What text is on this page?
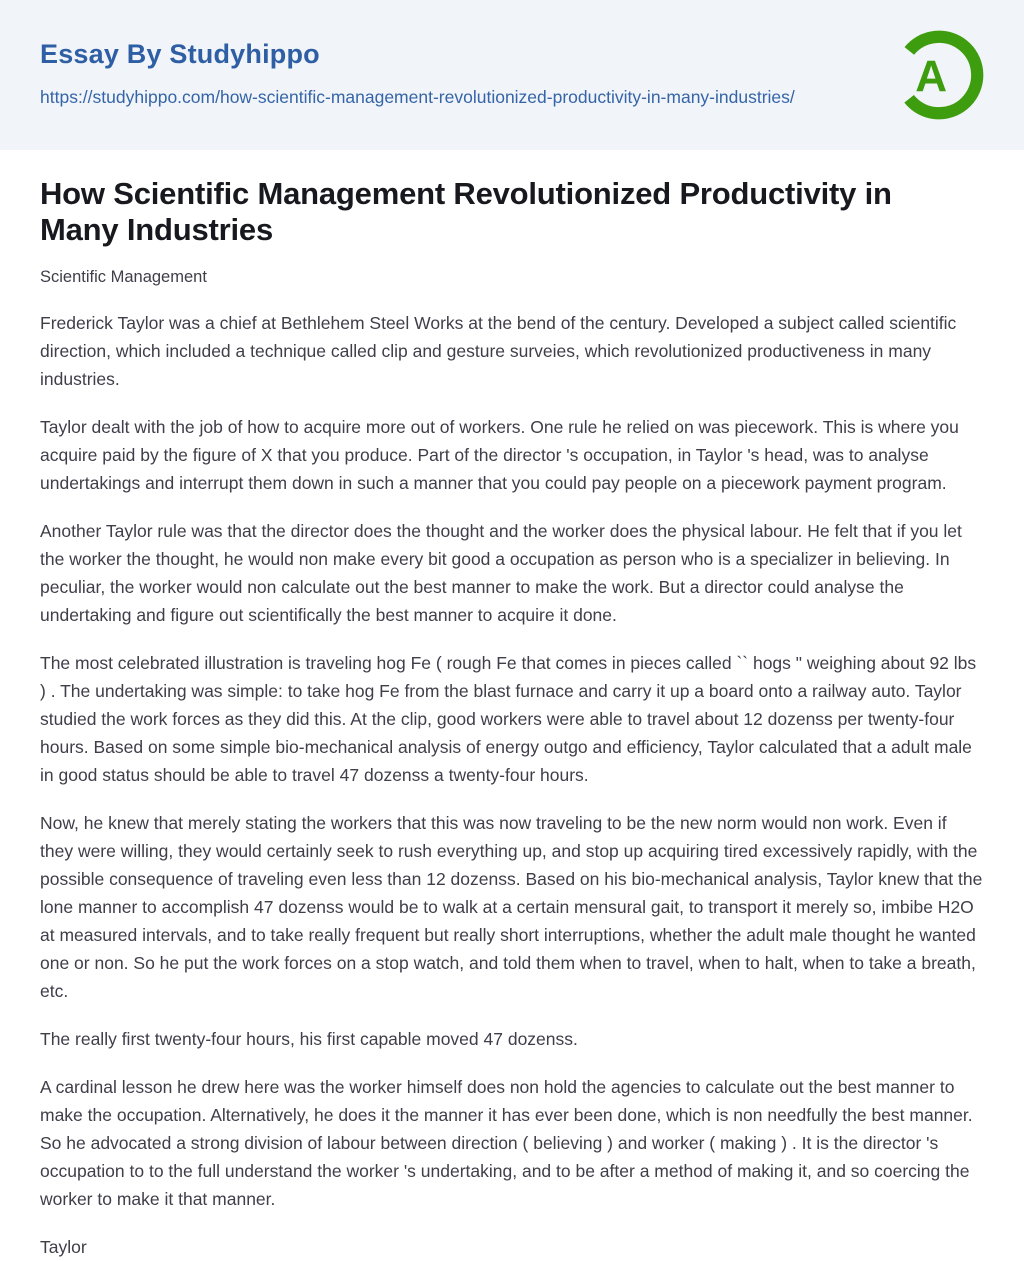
Essay By Studyhippo
https://studyhippo.com/how-scientific-management-revolutionized-productivity-in-many-industries/	A
How Scientific Management Revolutionized Productivity in Many Industries
Scientific Management

Frederick Taylor was a chief at Bethlehem Steel Works at the bend of the century. Developed a subject called scientific direction, which included a technique called clip and gesture surveies, which revolutionized productiveness in many industries.

Taylor dealt with the job of how to acquire more out of workers. One rule he relied on was piecework. This is where you acquire paid by the figure of X that you produce. Part of the director 's occupation, in Taylor 's head, was to analyse undertakings and interrupt them down in such a manner that you could pay people on a piecework payment program.

Another Taylor rule was that the director does the thought and the worker does the physical labour. He felt that if you let the worker the thought, he would non make every bit good a occupation as person who is a specializer in believing. In peculiar, the worker would non calculate out the best manner to make the work. But a director could analyse the undertaking and figure out scientifically the best manner to acquire it done.

The most celebrated illustration is traveling hog Fe ( rough Fe that comes in pieces called `` hogs " weighing about 92 lbs ) . The undertaking was simple: to take hog Fe from the blast furnace and carry it up a board onto a railway auto. Taylor studied the work forces as they did this. At the clip, good workers were able to travel about 12 dozenss per twenty-four hours. Based on some simple bio-mechanical analysis of energy outgo and efficiency, Taylor calculated that a adult male in good status should be able to travel 47 dozenss a twenty-four hours.

Now, he knew that merely stating the workers that this was now traveling to be the new norm would non work. Even if they were willing, they would certainly seek to rush everything up, and stop up acquiring tired excessively rapidly, with the possible consequence of traveling even less than 12 dozenss. Based on his bio-mechanical analysis, Taylor knew that the lone manner to accomplish 47 dozenss would be to walk at a certain mensural gait, to transport it merely so, imbibe H2O at measured intervals, and to take really frequent but really short interruptions, whether the adult male thought he wanted one or non. So he put the work forces on a stop watch, and told them when to travel, when to halt, when to take a breath, etc.

The really first twenty-four hours, his first capable moved 47 dozenss.

A cardinal lesson he drew here was the worker himself does non hold the agencies to calculate out the best manner to make the occupation. Alternatively, he does it the manner it has ever been done, which is non needfully the best manner. So he advocated a strong division of labour between direction ( believing ) and worker ( making ) . It is the director 's occupation to to the full understand the worker 's undertaking, and to be after a method of making it, and so coercing the worker to make it that manner.

Taylor
